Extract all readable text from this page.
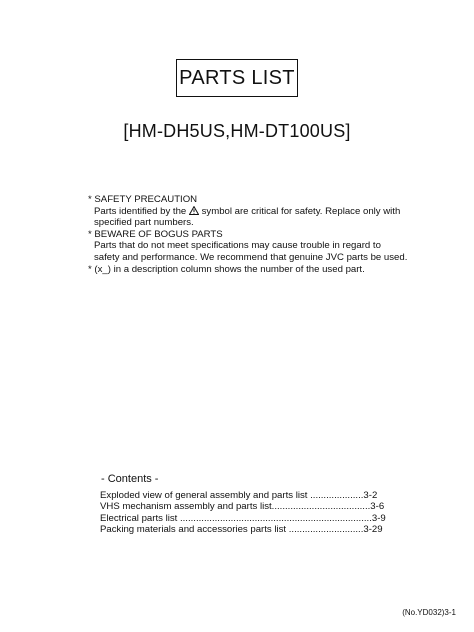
PARTS LIST
[HM-DH5US,HM-DT100US]
* SAFETY PRECAUTION
Parts identified by the  symbol are critical for safety. Replace only with
specified part numbers.
* BEWARE OF BOGUS PARTS
Parts that do not meet specifications may cause trouble in regard to
safety and performance. We recommend that genuine JVC parts be used.
* (x_) in a description column shows the number of the used part.
- Contents -
Exploded view of general assembly and parts list ....................3-2
VHS mechanism assembly and parts list.....................................3-6
Electrical parts list ........................................................................3-9
Packing materials and accessories parts list ............................3-29
(No.YD032)3-1
